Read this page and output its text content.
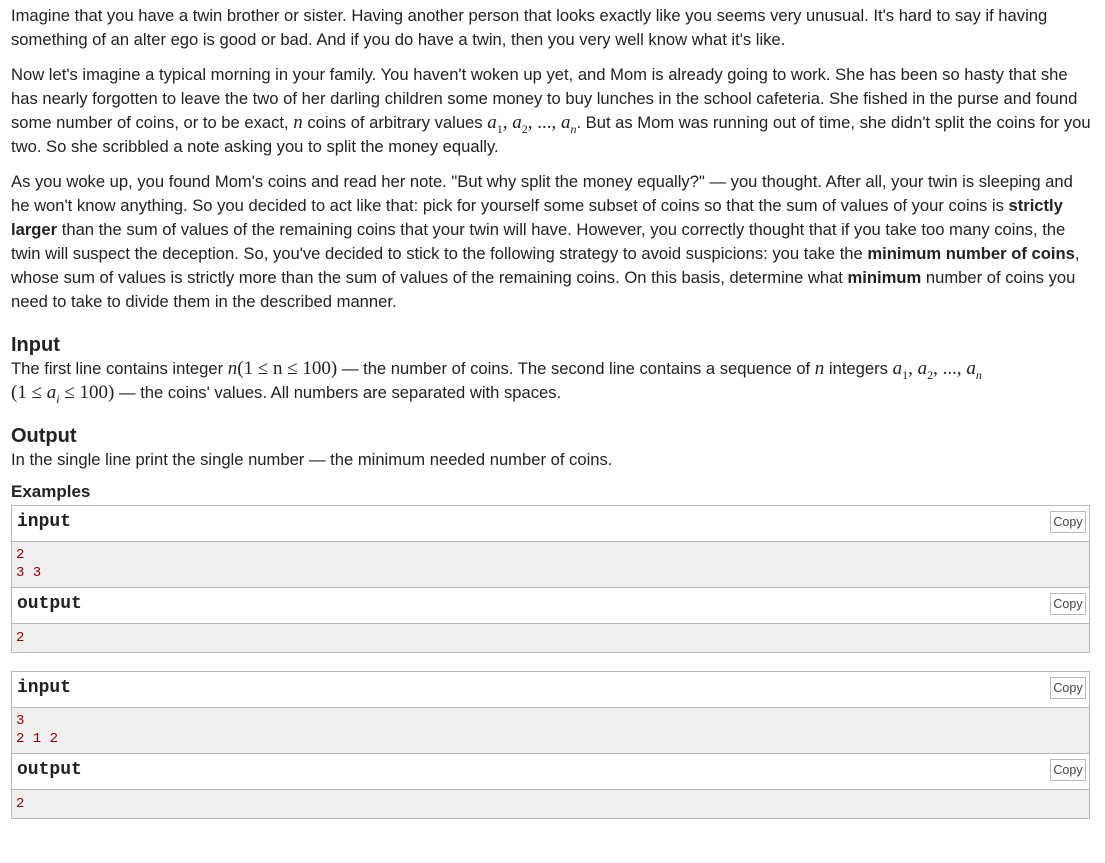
Imagine that you have a twin brother or sister. Having another person that looks exactly like you seems very unusual. It's hard to say if having something of an alter ego is good or bad. And if you do have a twin, then you very well know what it's like.

Now let's imagine a typical morning in your family. You haven't woken up yet, and Mom is already going to work. She has been so hasty that she has nearly forgotten to leave the two of her darling children some money to buy lunches in the school cafeteria. She fished in the purse and found some number of coins, or to be exact, n coins of arbitrary values $a_1$, $a_2$, ..., $a_n$. But as Mom was running out of time, she didn't split the coins for you two. So she scribbled a note asking you to split the money equally.

As you woke up, you found Mom's coins and read her note. "But why split the money equally?" — you thought. After all, your twin is sleeping and he won't know anything. So you decided to act like that: pick for yourself some subset of coins so that the sum of values of your coins is strictly larger than the sum of values of the remaining coins that your twin will have. However, you correctly thought that if you take too many coins, the twin will suspect the deception. So, you've decided to stick to the following strategy to avoid suspicions: you take the minimum number of coins, whose sum of values is strictly more than the sum of values of the remaining coins. On this basis, determine what minimum number of coins you need to take to divide them in the described manner.

Input

The first line contains integer n(1 ≤ n ≤ 100) — the number of coins. The second line contains a sequence of n integers $a_1$, $a_2$, ..., $a_n$
$(1 \le a_i \le 100)$ — the coins' values. All numbers are separated with spaces.

Output

In the single line print the single number — the minimum needed number of coins.

Examples
input	Copy
2
3 3
output	Copy
2
input	Copy
3
2 1 2
output	Copy
2
